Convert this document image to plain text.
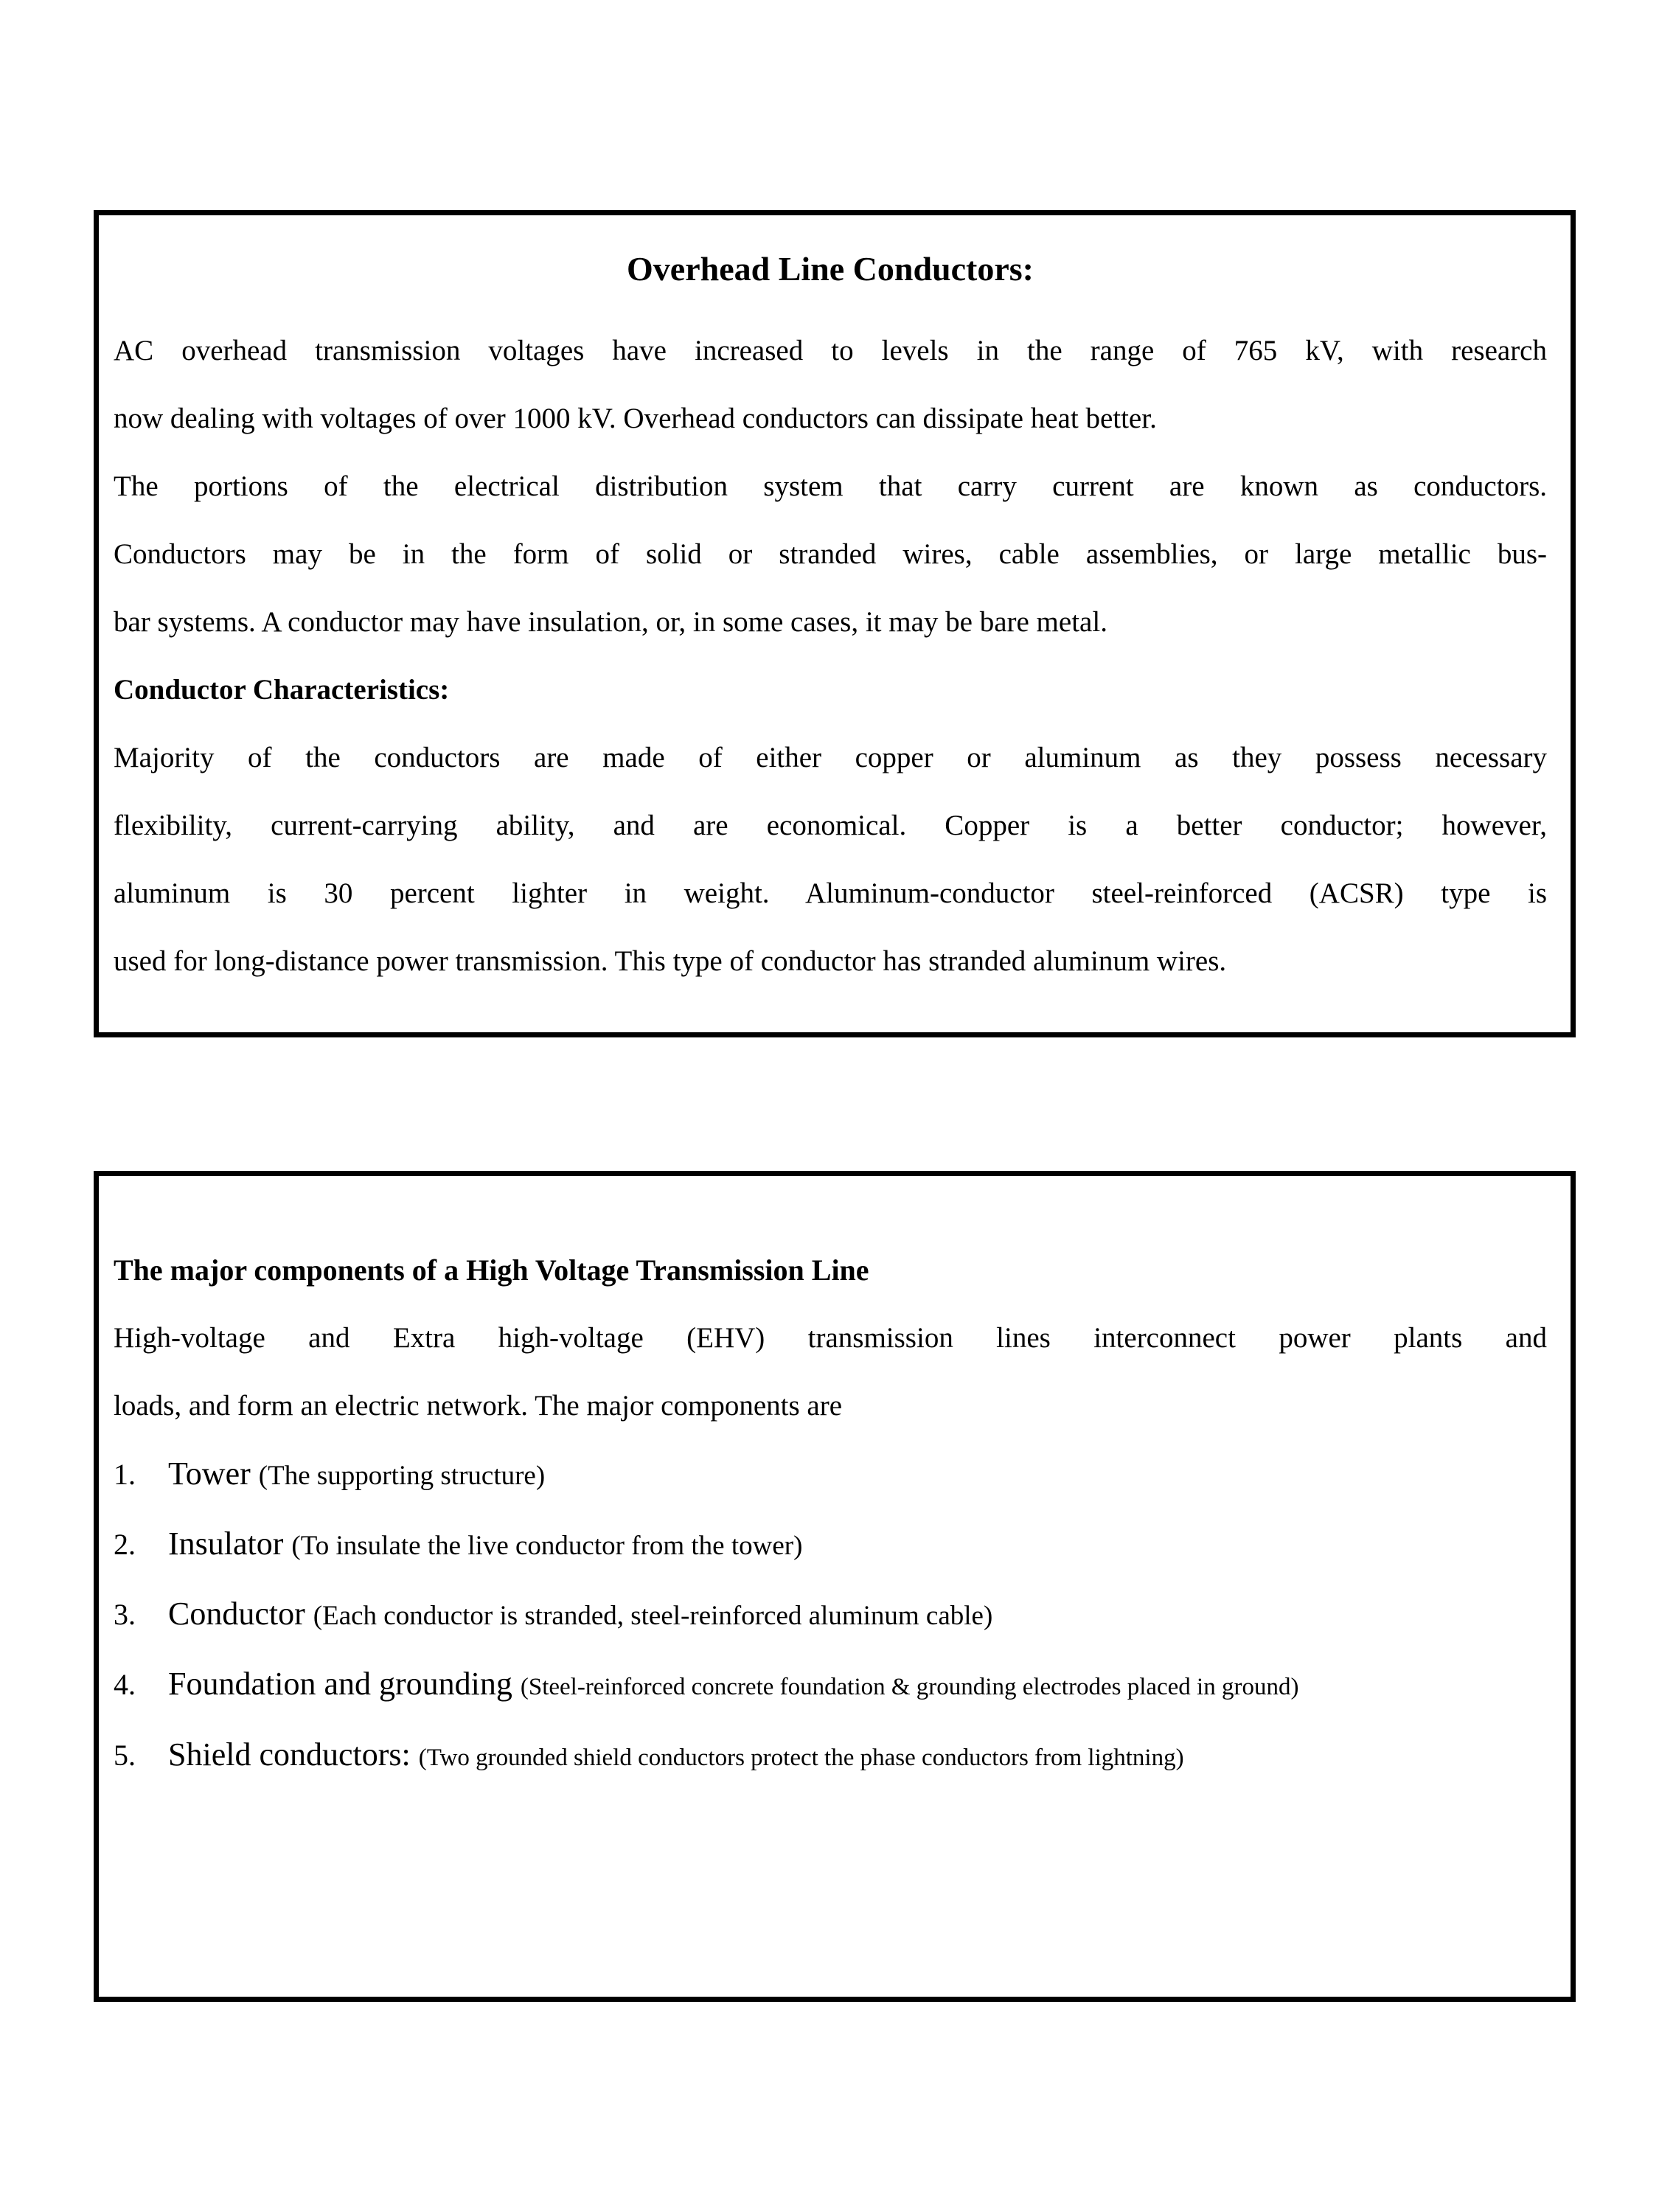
Overhead Line Conductors:
AC overhead transmission voltages have increased to levels in the range of 765 kV, with research
now dealing with voltages of over 1000 kV. Overhead conductors can dissipate heat better.
The portions of the electrical distribution system that carry current are known as conductors.
Conductors may be in the form of solid or stranded wires, cable assemblies, or large metallic bus-
bar systems. A conductor may have insulation, or, in some cases, it may be bare metal.
Conductor Characteristics:
Majority of the conductors are made of either copper or aluminum as they possess necessary
flexibility, current-carrying ability, and are economical. Copper is a better conductor; however,
aluminum is 30 percent lighter in weight. Aluminum-conductor steel-reinforced (ACSR) type is
used for long-distance power transmission. This type of conductor has stranded aluminum wires.
The major components of a High Voltage Transmission Line
High-voltage and Extra high-voltage (EHV) transmission lines interconnect power plants and
loads, and form an electric network. The major components are
1. Tower (The supporting structure)
2. Insulator (To insulate the live conductor from the tower)
3. Conductor (Each conductor is stranded, steel-reinforced aluminum cable)
4. Foundation and grounding (Steel-reinforced concrete foundation & grounding electrodes placed in ground)
5. Shield conductors: (Two grounded shield conductors protect the phase conductors from lightning)
